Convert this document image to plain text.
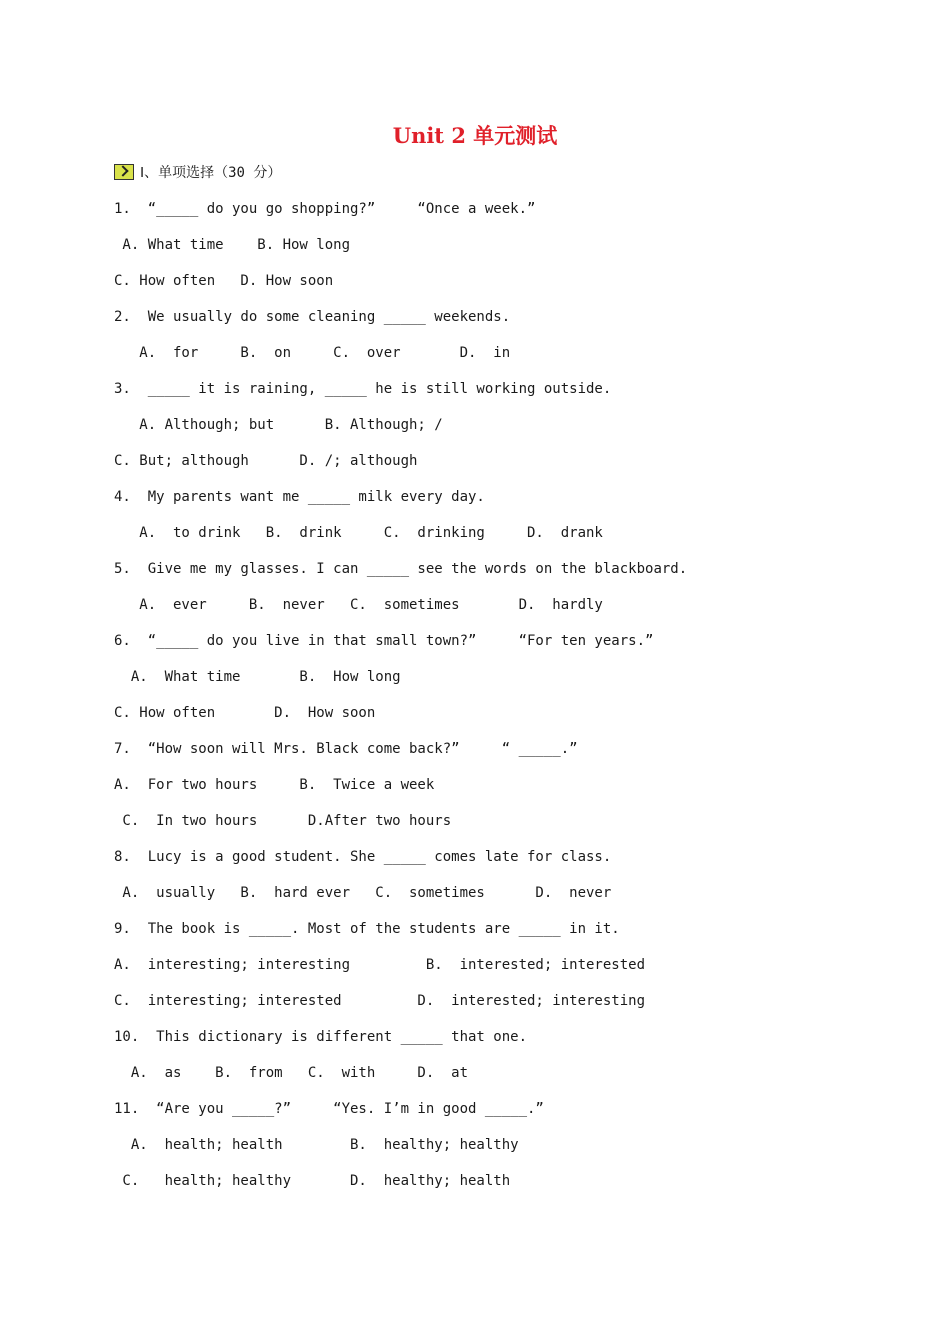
Unit 2 单元测试
Ⅰ、单项选择（30 分）
1.  “_____ do you go shopping?”     “Once a week.”
A. What time    B. How long
C. How often   D. How soon
2.  We usually do some cleaning _____ weekends.
A.  for     B.  on     C.  over       D.  in
3.  _____ it is raining, _____ he is still working outside.
A. Although; but      B. Although; /
C. But; although      D. /; although
4.  My parents want me _____ milk every day.
A.  to drink   B.  drink     C.  drinking     D.  drank
5.  Give me my glasses. I can _____ see the words on the blackboard.
A.  ever     B.  never   C.  sometimes       D.  hardly
6.  “_____ do you live in that small town?”     “For ten years.”
A.  What time       B.  How long
C. How often       D.  How soon
7.  “How soon will Mrs. Black come back?”     “ _____.”
A.  For two hours     B.  Twice a week
C.  In two hours      D.After two hours
8.  Lucy is a good student. She _____ comes late for class.
A.  usually   B.  hard ever   C.  sometimes      D.  never
9.  The book is _____. Most of the students are _____ in it.
A.  interesting; interesting         B.  interested; interested
C.  interesting; interested         D.  interested; interesting
10.  This dictionary is different _____ that one.
A.  as    B.  from   C.  with     D.  at
11.  “Are you _____?”     “Yes. I’m in good _____.”
A.  health; health        B.  healthy; healthy
C.   health; healthy       D.  healthy; health
